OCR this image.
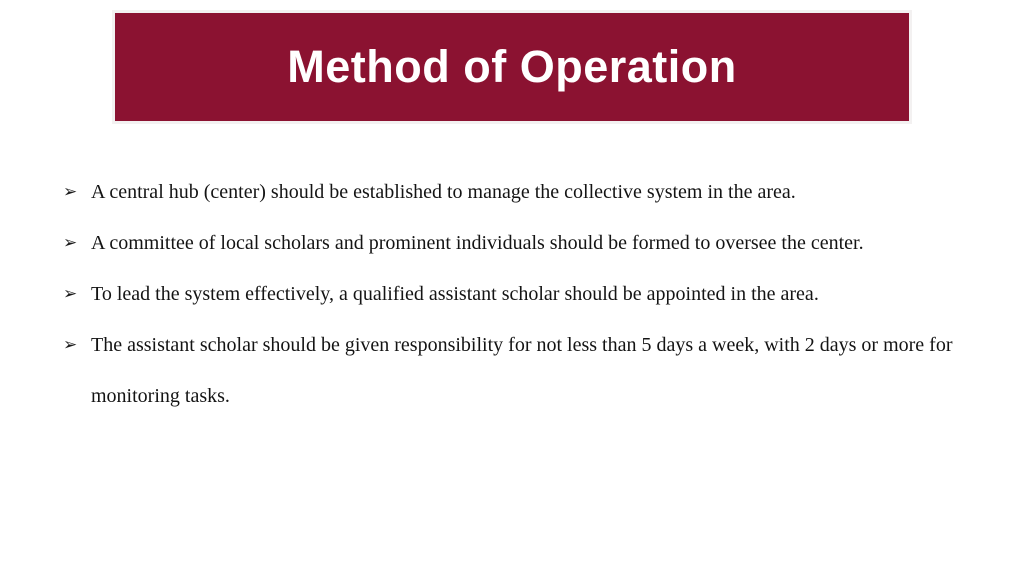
Method of Operation
➢ A central hub (center) should be established to manage the collective system in the area.
➢ A committee of local scholars and prominent individuals should be formed to oversee the center.
➢ To lead the system effectively, a qualified assistant scholar should be appointed in the area.
➢ The assistant scholar should be given responsibility for not less than 5 days a week, with 2 days or more for monitoring tasks.
